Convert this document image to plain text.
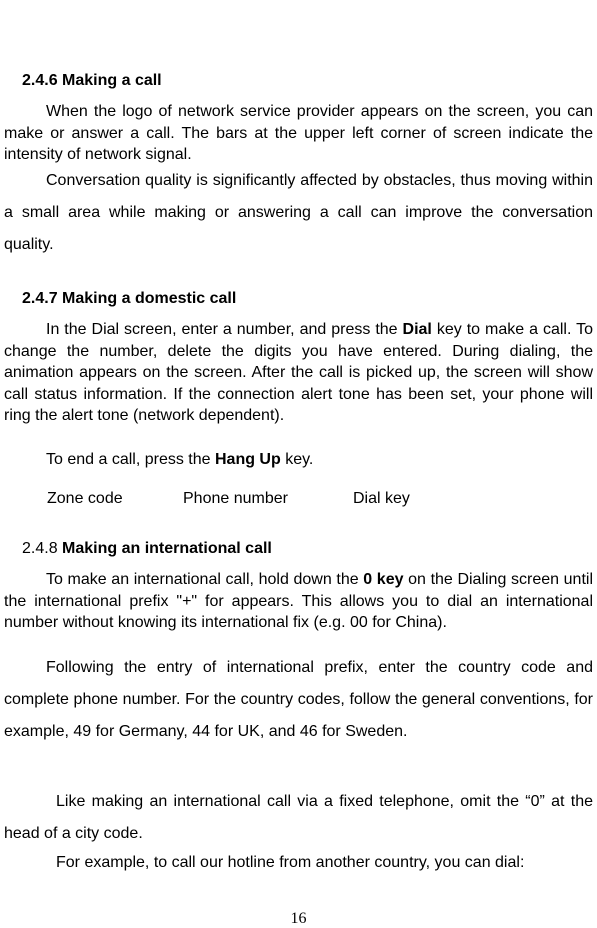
2.4.6 Making a call

When the logo of network service provider appears on the screen, you can make or answer a call. The bars at the upper left corner of screen indicate the intensity of network signal.

Conversation quality is significantly affected by obstacles, thus moving within a small area while making or answering a call can improve the conversation quality.

2.4.7 Making a domestic call

In the Dial screen, enter a number, and press the Dial key to make a call. To change the number, delete the digits you have entered. During dialing, the animation appears on the screen. After the call is picked up, the screen will show call status information. If the connection alert tone has been set, your phone will ring the alert tone (network dependent).

To end a call, press the Hang Up key.

Zone code	Phone number	Dial key
2.4.8 Making an international call

To make an international call, hold down the 0 key on the Dialing screen until the international prefix "+" for appears. This allows you to dial an international number without knowing its international fix (e.g. 00 for China).

Following the entry of international prefix, enter the country code and complete phone number. For the country codes, follow the general conventions, for example, 49 for Germany, 44 for UK, and 46 for Sweden.

Like making an international call via a fixed telephone, omit the “0” at the head of a city code.

For example, to call our hotline from another country, you can dial:

16
